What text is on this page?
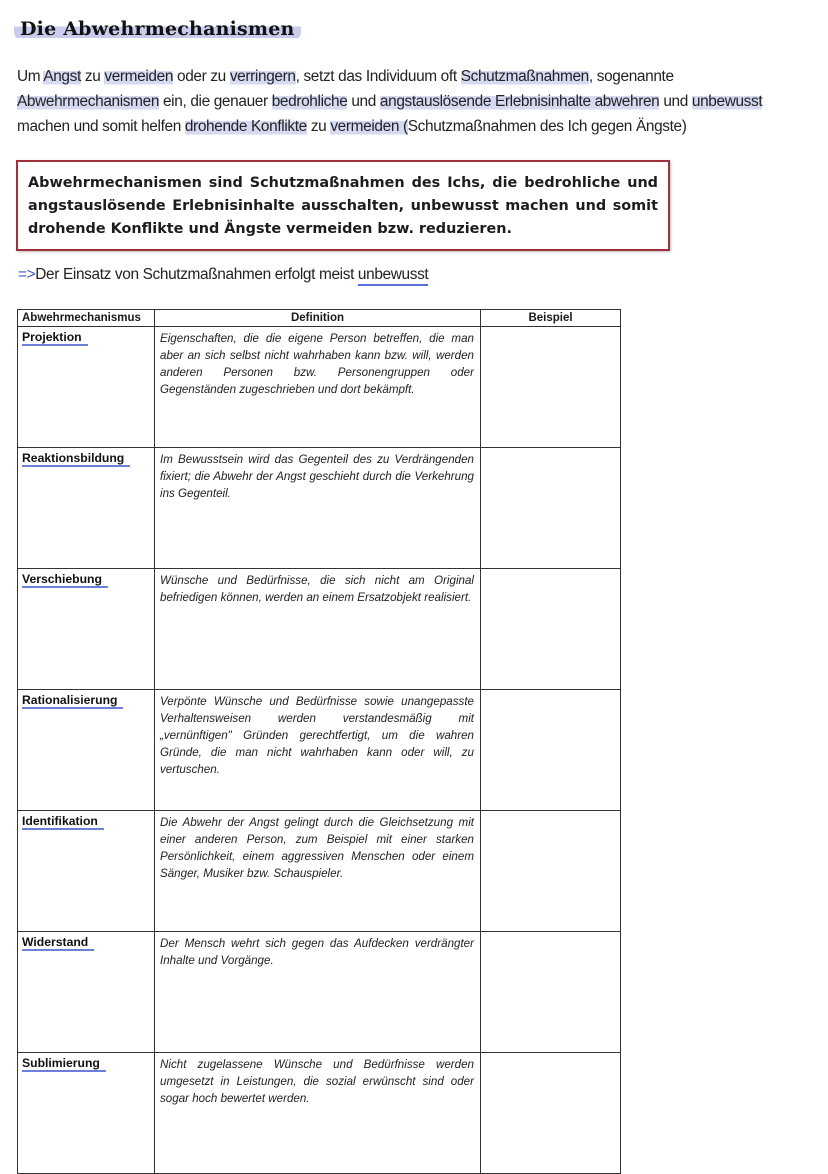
Die Abwehrmechanismen
Um Angst zu vermeiden oder zu verringern, setzt das Individuum oft Schutzmaßnahmen, sogenannte Abwehrmechanismen ein, die genauer bedrohliche und angstauslösende Erlebnisinhalte abwehren und unbewusst machen und somit helfen drohende Konflikte zu vermeiden (Schutzmaßnahmen des Ich gegen Ängste)
Abwehrmechanismen sind Schutzmaßnahmen des Ichs, die bedrohliche und angstauslösende Erlebnisinhalte ausschalten, unbewusst machen und somit drohende Konflikte und Ängste vermeiden bzw. reduzieren.
=>Der Einsatz von Schutzmaßnahmen erfolgt meist unbewusst
Abwehrmechanismus	Definition	Beispiel
Projektion	Eigenschaften, die die eigene Person betreffen, die man aber an sich selbst nicht wahrhaben kann bzw. will, werden anderen Personen bzw. Personengruppen oder Gegenständen zugeschrieben und dort bekämpft.	
Reaktionsbildung	Im Bewusstsein wird das Gegenteil des zu Verdrängenden fixiert; die Abwehr der Angst geschieht durch die Verkehrung ins Gegenteil.	
Verschiebung	Wünsche und Bedürfnisse, die sich nicht am Original befriedigen können, werden an einem Ersatzobjekt realisiert.	
Rationalisierung	Verpönte Wünsche und Bedürfnisse sowie unangepasste Verhaltensweisen werden verstandesmäßig mit „vernünftigen" Gründen gerechtfertigt, um die wahren Gründe, die man nicht wahrhaben kann oder will, zu vertuschen.	
Identifikation	Die Abwehr der Angst gelingt durch die Gleichsetzung mit einer anderen Person, zum Beispiel mit einer starken Persönlichkeit, einem aggressiven Menschen oder einem Sänger, Musiker bzw. Schauspieler.	
Widerstand	Der Mensch wehrt sich gegen das Aufdecken verdrängter Inhalte und Vorgänge.	
Sublimierung	Nicht zugelassene Wünsche und Bedürfnisse werden umgesetzt in Leistungen, die sozial erwünscht sind oder sogar hoch bewertet werden.	
